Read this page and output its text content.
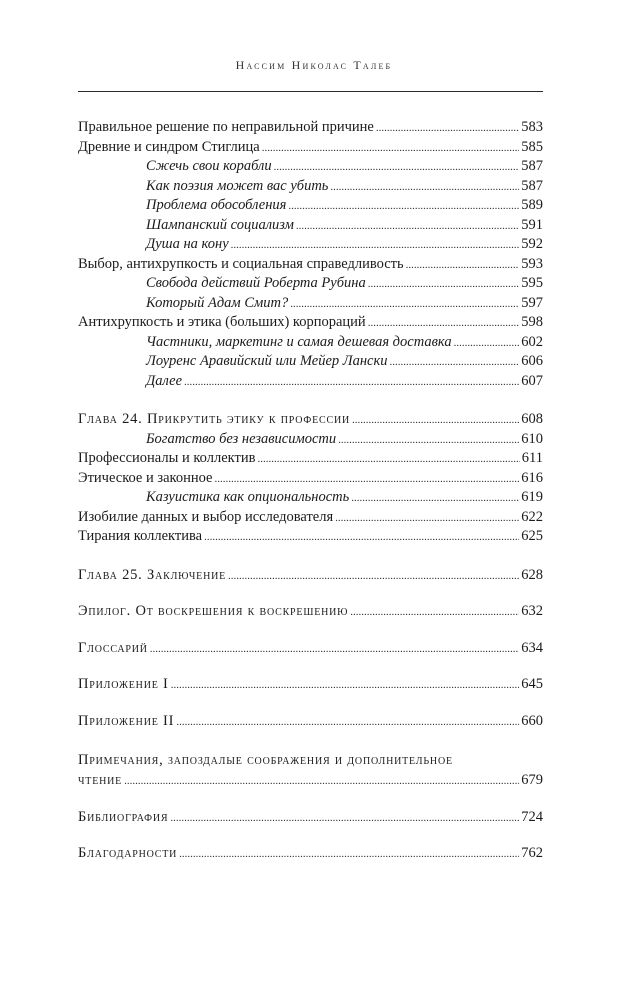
Нассим Николас Талеб
Правильное решение по неправильной причине .....	583
Древние и синдром Стиглица .....	585
Сжечь свои корабли .....	587
Как поэзия может вас убить .....	587
Проблема обособления .....	589
Шампанский социализм .....	591
Душа на кону .....	592
Выбор, антихрупкость и социальная справедливость .....	593
Свобода действий Роберта Рубина .....	595
Который Адам Смит? .....	597
Антихрупкость и этика (больших) корпораций .....	598
Частники, маркетинг и самая дешевая доставка .....	602
Лоуренс Аравийский или Мейер Лански .....	606
Далее .....	607
Глава 24. Прикрутить этику к профессии .....	608
Богатство без независимости .....	610
Профессионалы и коллектив .....	611
Этическое и законное .....	616
Казуистика как опциональность .....	619
Изобилие данных и выбор исследователя .....	622
Тирания коллектива .....	625
Глава 25. Заключение .....	628
Эпилог. От воскрешения к воскрешению .....	632
Глоссарий .....	634
Приложение I .....	645
Приложение II .....	660
Примечания, запоздалые соображения и дополнительное
чтение .....	679
Библиография .....	724
Благодарности .....	762
